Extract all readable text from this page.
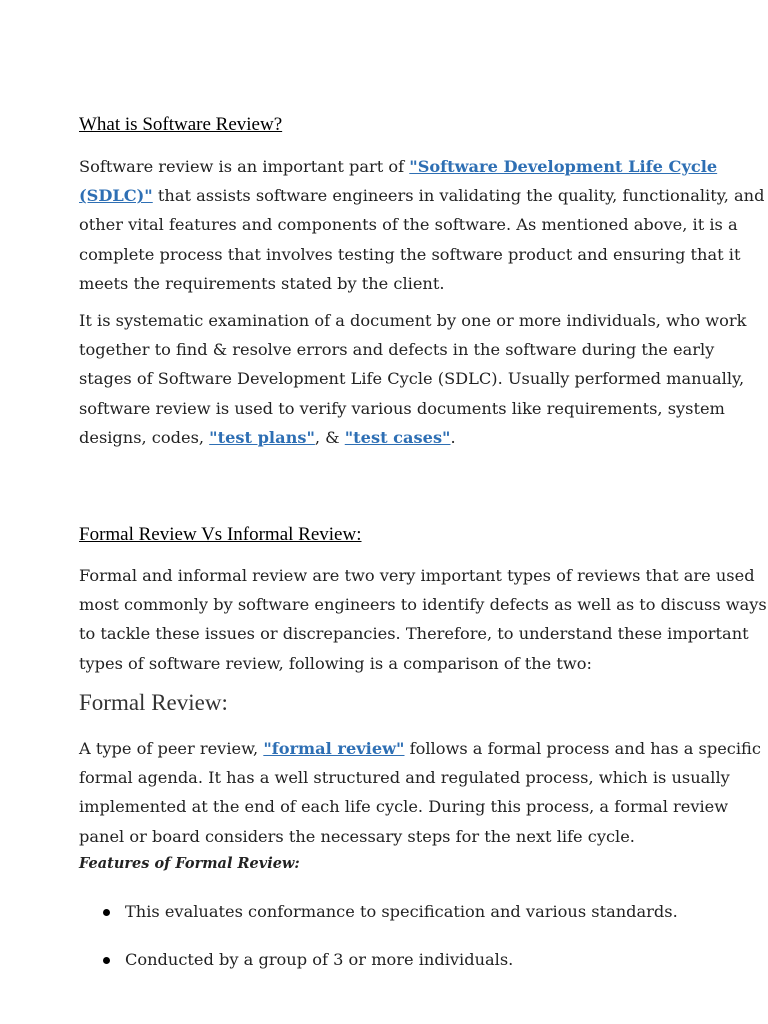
What is Software Review?

Software review is an important part of "Software Development Life Cycle (SDLC)" that assists software engineers in validating the quality, functionality, and other vital features and components of the software. As mentioned above, it is a complete process that involves testing the software product and ensuring that it meets the requirements stated by the client.

It is systematic examination of a document by one or more individuals, who work together to find & resolve errors and defects in the software during the early stages of Software Development Life Cycle (SDLC). Usually performed manually, software review is used to verify various documents like requirements, system designs, codes, "test plans", & "test cases".

Formal Review Vs Informal Review:

Formal and informal review are two very important types of reviews that are used most commonly by software engineers to identify defects as well as to discuss ways to tackle these issues or discrepancies. Therefore, to understand these important types of software review, following is a comparison of the two:

Formal Review:

A type of peer review, "formal review" follows a formal process and has a specific formal agenda. It has a well structured and regulated process, which is usually implemented at the end of each life cycle. During this process, a formal review panel or board considers the necessary steps for the next life cycle.

Features of Formal Review:
This evaluates conformance to specification and various standards.
Conducted by a group of 3 or more individuals.
